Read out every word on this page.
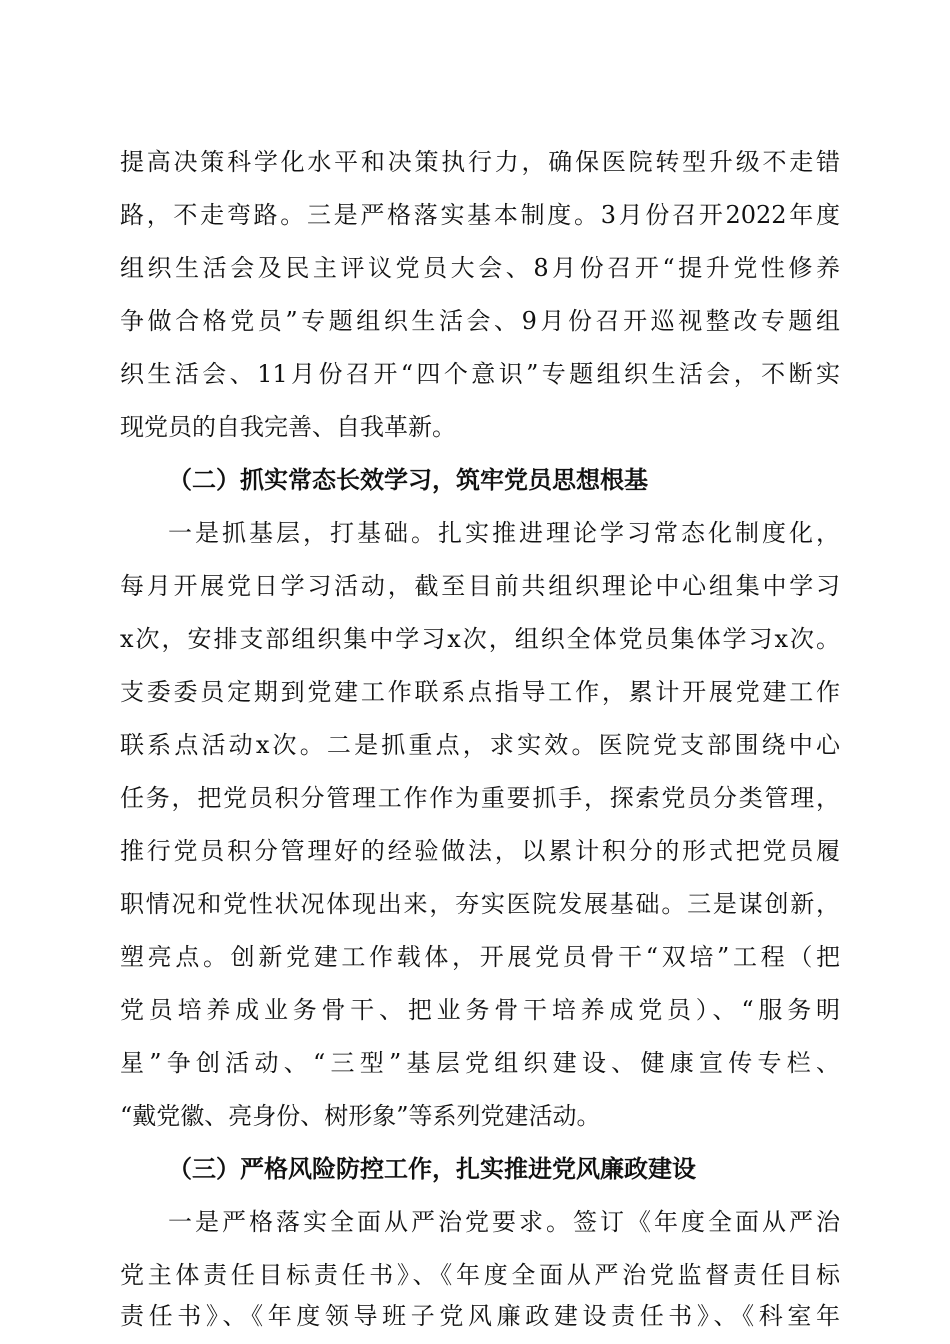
提高决策科学化水平和决策执行力，确保医院转型升级不走错
路，不走弯路。三是严格落实基本制度。3月份召开2022年度
组织生活会及民主评议党员大会、8月份召开“提升党性修养
争做合格党员”专题组织生活会、9月份召开巡视整改专题组
织生活会、11月份召开“四个意识”专题组织生活会，不断实
现党员的自我完善、自我革新。
（二）抓实常态长效学习，筑牢党员思想根基
一是抓基层，打基础。扎实推进理论学习常态化制度化，
每月开展党日学习活动，截至目前共组织理论中心组集中学习
x次，安排支部组织集中学习x次，组织全体党员集体学习x次。
支委委员定期到党建工作联系点指导工作，累计开展党建工作
联系点活动x次。二是抓重点，求实效。医院党支部围绕中心
任务，把党员积分管理工作作为重要抓手，探索党员分类管理，
推行党员积分管理好的经验做法，以累计积分的形式把党员履
职情况和党性状况体现出来，夯实医院发展基础。三是谋创新，
塑亮点。创新党建工作载体，开展党员骨干“双培”工程（把
党员培养成业务骨干、把业务骨干培养成党员）、“服务明
星”争创活动、“三型”基层党组织建设、健康宣传专栏、
“戴党徽、亮身份、树形象”等系列党建活动。
（三）严格风险防控工作，扎实推进党风廉政建设
一是严格落实全面从严治党要求。签订《年度全面从严治
党主体责任目标责任书》、《年度全面从严治党监督责任目标
责任书》、《年度领导班子党风廉政建设责任书》、《科室年
